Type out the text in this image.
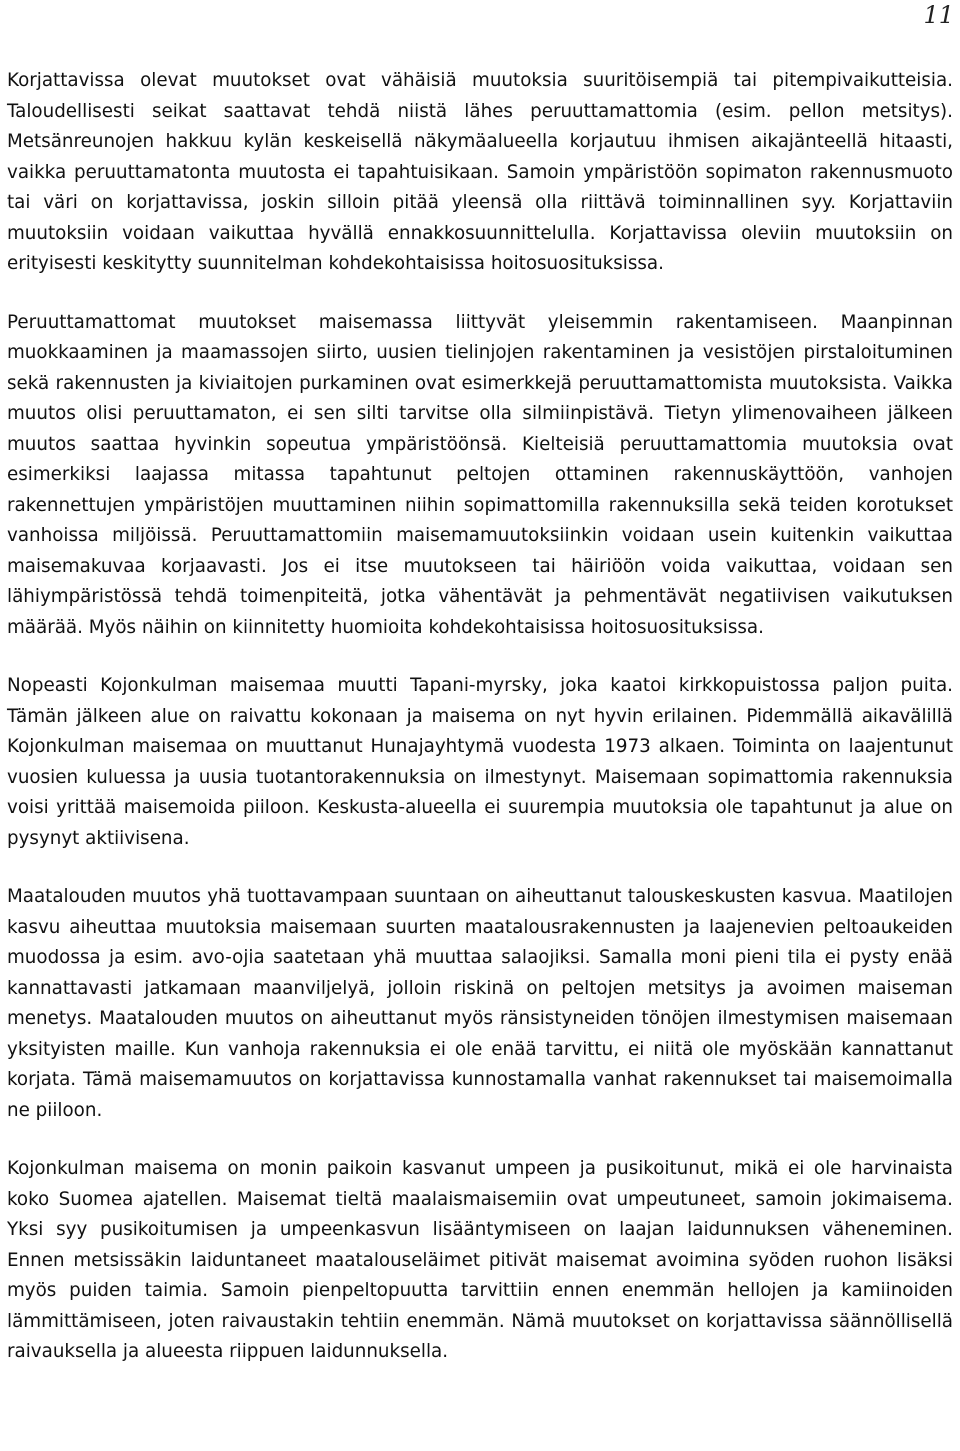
11

Korjattavissa olevat muutokset ovat vähäisiä muutoksia suuritöisempiä tai pitempivaikutteisia. Taloudellisesti seikat saattavat tehdä niistä lähes peruuttamattomia (esim. pellon metsitys). Metsänreunojen hakkuu kylän keskeisellä näkymäalueella korjautuu ihmisen aikajänteellä hitaasti, vaikka peruuttamatonta muutosta ei tapahtuisikaan. Samoin ympäristöön sopimaton rakennusmuoto tai väri on korjattavissa, joskin silloin pitää yleensä olla riittävä toiminnallinen syy. Korjattaviin muutoksiin voidaan vaikuttaa hyvällä ennakkosuunnittelulla. Korjattavissa oleviin muutoksiin on erityisesti keskitytty suunnitelman kohdekohtaisissa hoitosuosituksissa.

Peruuttamattomat muutokset maisemassa liittyvät yleisemmin rakentamiseen. Maanpinnan muokkaaminen ja maamassojen siirto, uusien tielinjojen rakentaminen ja vesistöjen pirstaloituminen sekä rakennusten ja kiviaitojen purkaminen ovat esimerkkejä peruuttamattomista muutoksista. Vaikka muutos olisi peruuttamaton, ei sen silti tarvitse olla silmiinpistävä. Tietyn ylimenovaiheen jälkeen muutos saattaa hyvinkin sopeutua ympäristöönsä. Kielteisiä peruuttamattomia muutoksia ovat esimerkiksi laajassa mitassa tapahtunut peltojen ottaminen rakennuskäyttöön, vanhojen rakennettujen ympäristöjen muuttaminen niihin sopimattomilla rakennuksilla sekä teiden korotukset vanhoissa miljöissä. Peruuttamattomiin maisemamuutoksiinkin voidaan usein kuitenkin vaikuttaa maisemakuvaa korjaavasti. Jos ei itse muutokseen tai häiriöön voida vaikuttaa, voidaan sen lähiympäristössä tehdä toimenpiteitä, jotka vähentävät ja pehmentävät negatiivisen vaikutuksen määrää. Myös näihin on kiinnitetty huomioita kohdekohtaisissa hoitosuosituksissa.

Nopeasti Kojonkulman maisemaa muutti Tapani-myrsky, joka kaatoi kirkkopuistossa paljon puita. Tämän jälkeen alue on raivattu kokonaan ja maisema on nyt hyvin erilainen. Pidemmällä aikavälillä Kojonkulman maisemaa on muuttanut Hunajayhtymä vuodesta 1973 alkaen. Toiminta on laajentunut vuosien kuluessa ja uusia tuotantorakennuksia on ilmestynyt. Maisemaan sopimattomia rakennuksia voisi yrittää maisemoida piiloon. Keskusta-alueella ei suurempia muutoksia ole tapahtunut ja alue on pysynyt aktiivisena.

Maatalouden muutos yhä tuottavampaan suuntaan on aiheuttanut talouskeskusten kasvua. Maatilojen kasvu aiheuttaa muutoksia maisemaan suurten maatalousrakennusten ja laajenevien peltoaukeiden muodossa ja esim. avo-ojia saatetaan yhä muuttaa salaojiksi. Samalla moni pieni tila ei pysty enää kannattavasti jatkamaan maanviljelyä, jolloin riskinä on peltojen metsitys ja avoimen maiseman menetys. Maatalouden muutos on aiheuttanut myös ränsistyneiden tönöjen ilmestymisen maisemaan yksityisten maille. Kun vanhoja rakennuksia ei ole enää tarvittu, ei niitä ole myöskään kannattanut korjata. Tämä maisemamuutos on korjattavissa kunnostamalla vanhat rakennukset tai maisemoimalla ne piiloon.

Kojonkulman maisema on monin paikoin kasvanut umpeen ja pusikoitunut, mikä ei ole harvinaista koko Suomea ajatellen. Maisemat tieltä maalaismaisemiin ovat umpeutuneet, samoin jokimaisema. Yksi syy pusikoitumisen ja umpeenkasvun lisääntymiseen on laajan laidunnuksen väheneminen. Ennen metsissäkin laiduntaneet maatalouseläimet pitivät maisemat avoimina syöden ruohon lisäksi myös puiden taimia. Samoin pienpeltopuutta tarvittiin ennen enemmän hellojen ja kamiinoiden lämmittämiseen, joten raivaustakin tehtiin enemmän. Nämä muutokset on korjattavissa säännöllisellä raivauksella ja alueesta riippuen laidunnuksella.
